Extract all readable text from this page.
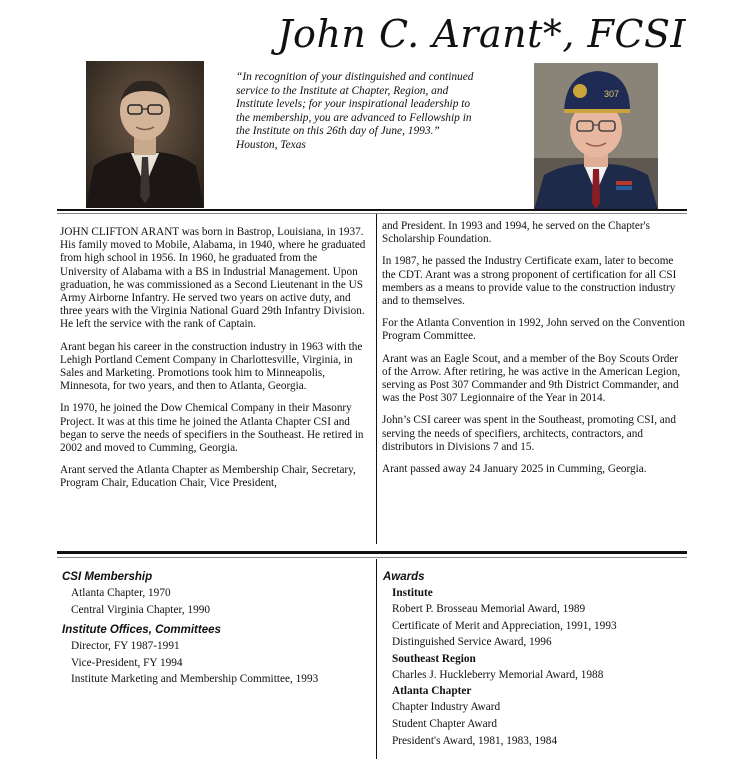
John C. Arant*, FCSI
“In recognition of your distinguished and continued
service to the Institute at Chapter, Region, and
Institute levels; for your inspirational leadership to
the membership, you are advanced to Fellowship in
the Institute on this 26th day of June, 1993.”
Houston, Texas
307

JOHN CLIFTON ARANT was born in Bastrop, Louisiana, in 1937. His family moved to Mobile, Alabama, in 1940, where he graduated from high school in 1956. In 1960, he graduated from the University of Alabama with a BS in Industrial Management. Upon graduation, he was commissioned as a Second Lieutenant in the US Army Airborne Infantry. He served two years on active duty, and three years with the Virginia National Guard 29th Infantry Division. He left the service with the rank of Captain.

Arant began his career in the construction industry in 1963 with the Lehigh Portland Cement Company in Charlottesville, Virginia, in Sales and Marketing. Promotions took him to Minneapolis, Minnesota, for two years, and then to Atlanta, Georgia.

In 1970, he joined the Dow Chemical Company in their Masonry Project. It was at this time he joined the Atlanta Chapter CSI and began to serve the needs of specifiers in the Southeast. He retired in 2002 and moved to Cumming, Georgia.

Arant served the Atlanta Chapter as Membership Chair, Secretary, Program Chair, Education Chair, Vice President,

and President. In 1993 and 1994, he served on the Chapter's Scholarship Foundation.

In 1987, he passed the Industry Certificate exam, later to become the CDT. Arant was a strong proponent of certification for all CSI members as a means to provide value to the construction industry and to themselves.

For the Atlanta Convention in 1992, John served on the Convention Program Committee.

Arant was an Eagle Scout, and a member of the Boy Scouts Order of the Arrow. After retiring, he was active in the American Legion, serving as Post 307 Commander and 9th District Commander, and was the Post 307 Legionnaire of the Year in 2014.

John’s CSI career was spent in the Southeast, promoting CSI, and serving the needs of specifiers, architects, contractors, and distributors in Divisions 7 and 15.

Arant passed away 24 January 2025 in Cumming, Georgia.

CSI Membership
Atlanta Chapter, 1970
Central Virginia Chapter, 1990
Institute Offices, Committees
Director, FY 1987-1991
Vice-President, FY 1994
Institute Marketing and Membership Committee, 1993
Awards
Institute
Robert P. Brosseau Memorial Award, 1989
Certificate of Merit and Appreciation, 1991, 1993
Distinguished Service Award, 1996
Southeast Region
Charles J. Huckleberry Memorial Award, 1988
Atlanta Chapter
Chapter Industry Award
Student Chapter Award
President's Award, 1981, 1983, 1984
